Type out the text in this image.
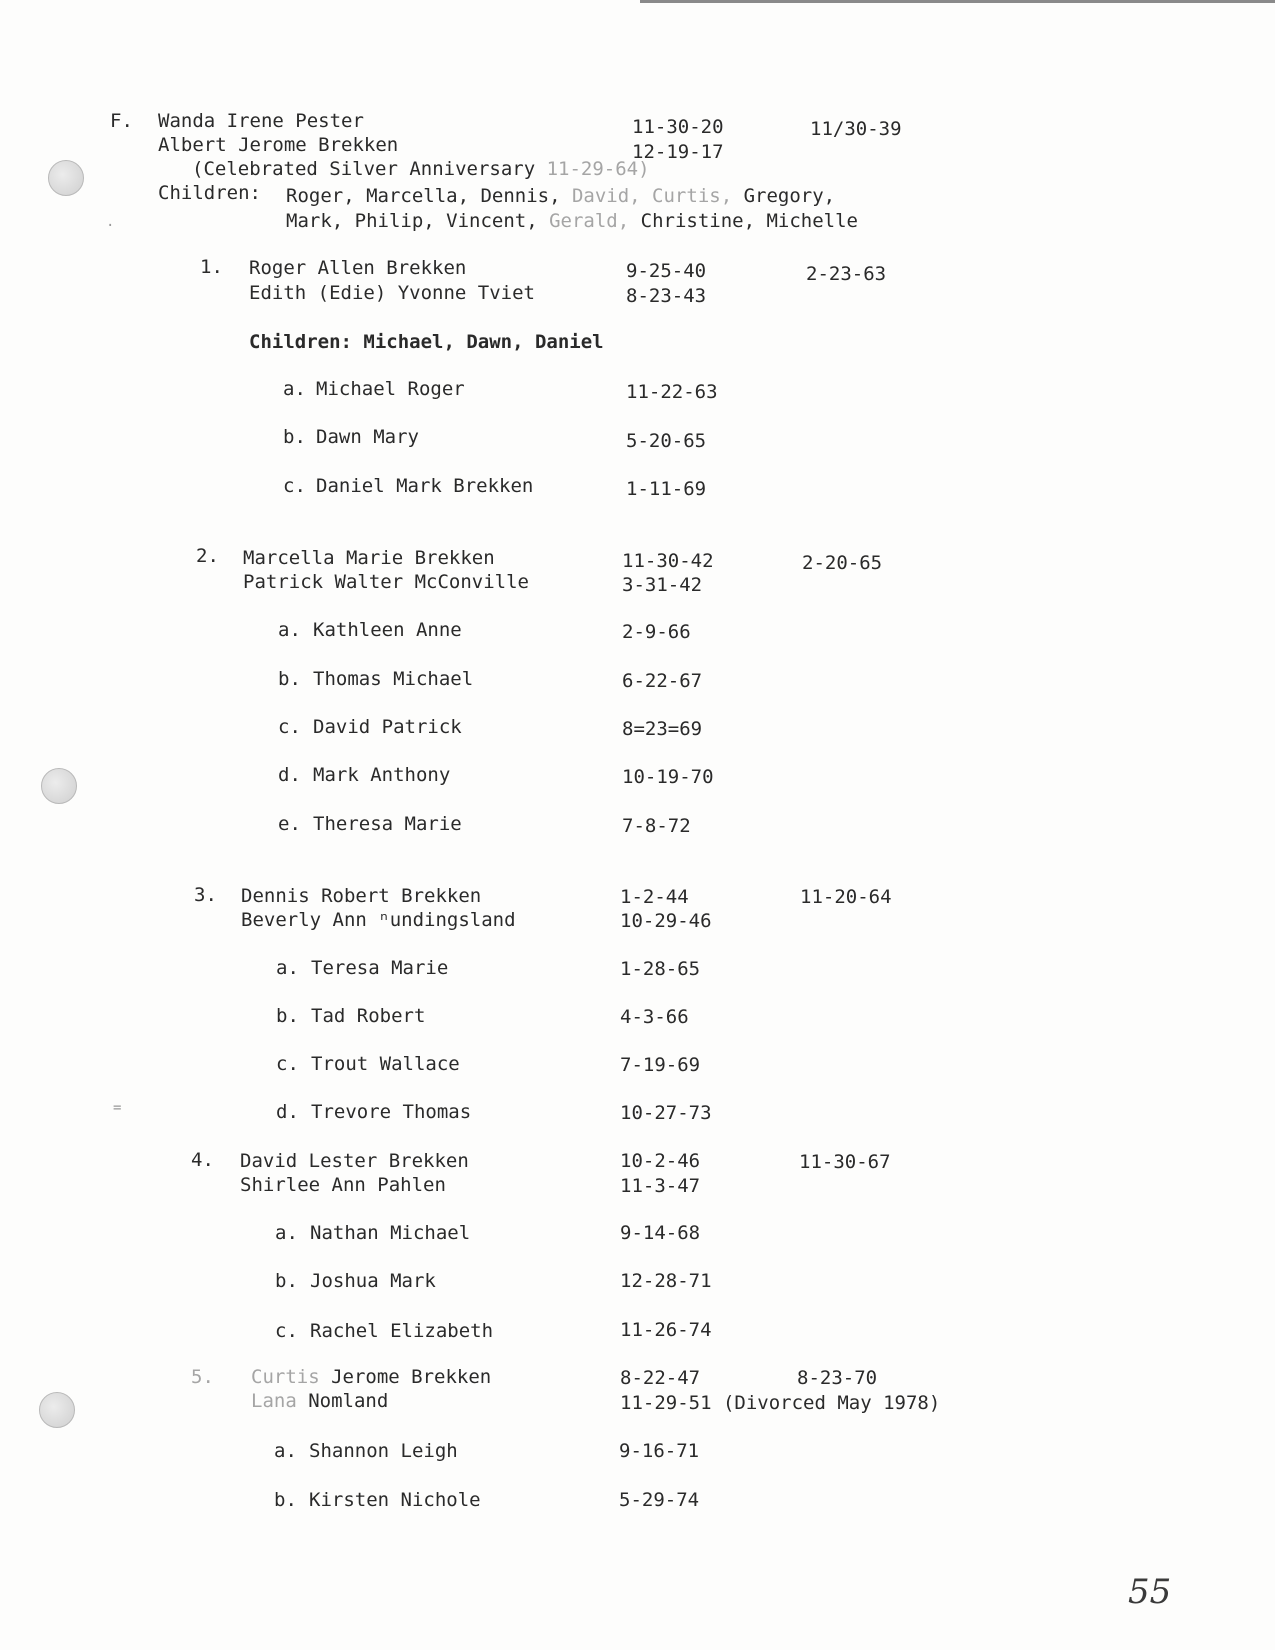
F. Wanda Irene Pester	11-30-20	11/30-39
Albert Jerome Brekken	12-19-17
(Celebrated Silver Anniversary 11-29-64)
Children: Roger, Marcella, Dennis, David, Curtis, Gregory,
Mark, Philip, Vincent, Gerald, Christine, Michelle
·
1. Roger Allen Brekken	9-25-40	2-23-63
Edith (Edie) Yvonne Tviet	8-23-43
Children: Michael, Dawn, Daniel
a. Michael Roger	11-22-63
b. Dawn Mary	5-20-65
c. Daniel Mark Brekken	1-11-69
2. Marcella Marie Brekken	11-30-42	2-20-65
Patrick Walter McConville	3-31-42
a. Kathleen Anne	2-9-66
b. Thomas Michael	6-22-67
c. David Patrick	8=23=69
d. Mark Anthony	10-19-70
e. Theresa Marie	7-8-72
3. Dennis Robert Brekken	1-2-44	11-20-64
Beverly Ann ⁿundingsland	10-29-46
a. Teresa Marie	1-28-65
b. Tad Robert	4-3-66
c. Trout Wallace	7-19-69
d. Trevore Thomas	10-27-73
=
4. David Lester Brekken	10-2-46	11-30-67
Shirlee Ann Pahlen	11-3-47
a. Nathan Michael	9-14-68
b. Joshua Mark	12-28-71
c. Rachel Elizabeth	11-26-74
5. Curtis Jerome Brekken	8-22-47	8-23-70
Lana Nomland	11-29-51 (Divorced May 1978)
a. Shannon Leigh	9-16-71
b. Kirsten Nichole	5-29-74
55
